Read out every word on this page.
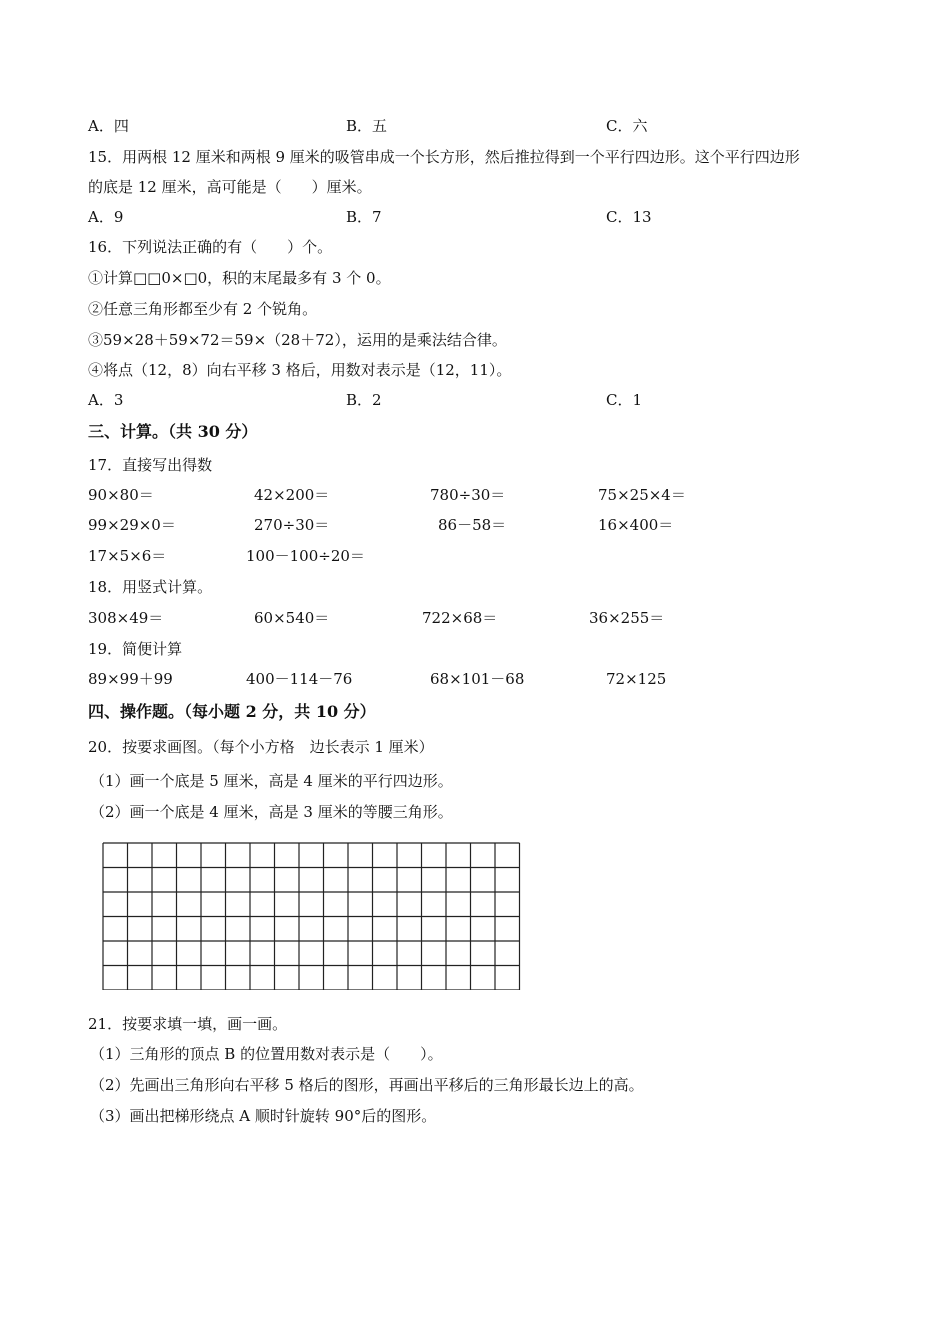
A．四	B．五	C．六
15．用两根 12 厘米和两根 9 厘米的吸管串成一个长方形，然后推拉得到一个平行四边形。这个平行四边形
的底是 12 厘米，高可能是（　　）厘米。
A．9	B．7	C．13
16．下列说法正确的有（　　）个。
①计算□□0×□0，积的末尾最多有 3 个 0。
②任意三角形都至少有 2 个锐角。
③59×28＋59×72＝59×（28＋72），运用的是乘法结合律。
④将点（12，8）向右平移 3 格后，用数对表示是（12，11）。
A．3	B．2	C．1
三、计算。（共 30 分）
17．直接写出得数
90×80＝	42×200＝	780÷30＝	75×25×4＝
99×29×0＝	270÷30＝	86－58＝	16×400＝
17×5×6＝	100－100÷20＝
18．用竖式计算。
308×49＝	60×540＝	722×68＝	36×255＝
19．简便计算
89×99＋99	400－114－76	68×101－68	72×125
四、操作题。（每小题 2 分，共 10 分）
20．按要求画图。（每个小方格　边长表示 1 厘米）
（1）画一个底是 5 厘米，高是 4 厘米的平行四边形。
（2）画一个底是 4 厘米，高是 3 厘米的等腰三角形。
21．按要求填一填，画一画。
（1）三角形的顶点 B 的位置用数对表示是（　　）。
（2）先画出三角形向右平移 5 格后的图形，再画出平移后的三角形最长边上的高。
（3）画出把梯形绕点 A 顺时针旋转 90°后的图形。
